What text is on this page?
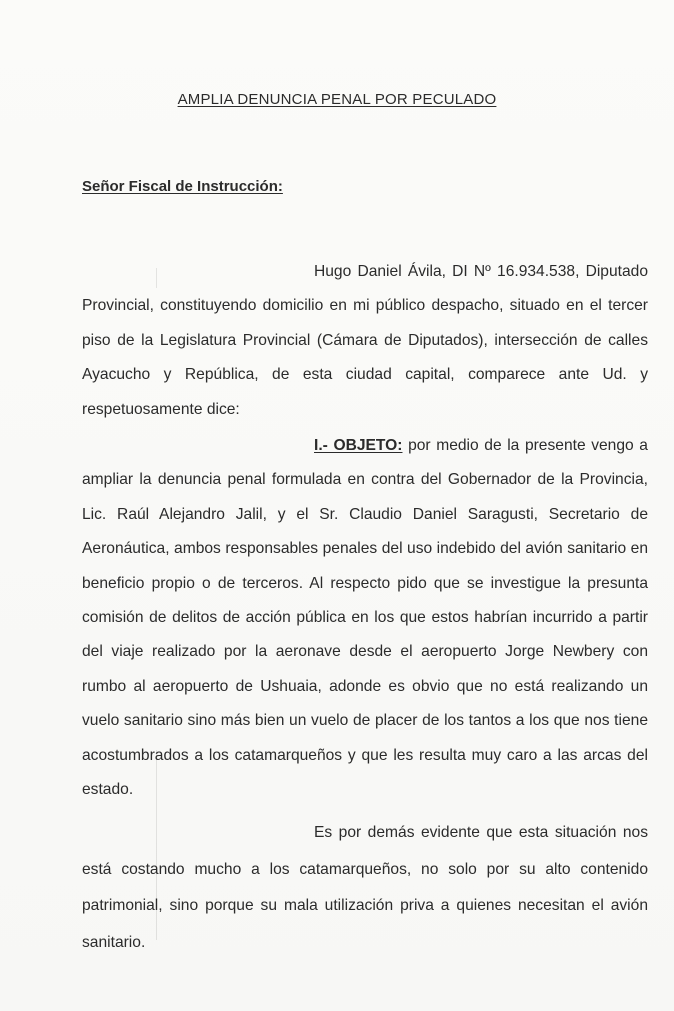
AMPLIA DENUNCIA PENAL POR PECULADO
Señor Fiscal de Instrucción:
Hugo Daniel Ávila, DI Nº 16.934.538, Diputado Provincial, constituyendo domicilio en mi público despacho, situado en el tercer piso de la Legislatura Provincial (Cámara de Diputados), intersección de calles Ayacucho y República, de esta ciudad capital, comparece ante Ud. y respetuosamente dice:
I.- OBJETO: por medio de la presente vengo a ampliar la denuncia penal formulada en contra del Gobernador de la Provincia, Lic. Raúl Alejandro Jalil, y el Sr. Claudio Daniel Saragusti, Secretario de Aeronáutica, ambos responsables penales del uso indebido del avión sanitario en beneficio propio o de terceros. Al respecto pido que se investigue la presunta comisión de delitos de acción pública en los que estos habrían incurrido a partir del viaje realizado por la aeronave desde el aeropuerto Jorge Newbery con rumbo al aeropuerto de Ushuaia, adonde es obvio que no está realizando un vuelo sanitario sino más bien un vuelo de placer de los tantos a los que nos tiene acostumbrados a los catamarqueños y que les resulta muy caro a las arcas del estado.
Es por demás evidente que esta situación nos está costando mucho a los catamarqueños, no solo por su alto contenido patrimonial, sino porque su mala utilización priva a quienes necesitan el avión sanitario.
